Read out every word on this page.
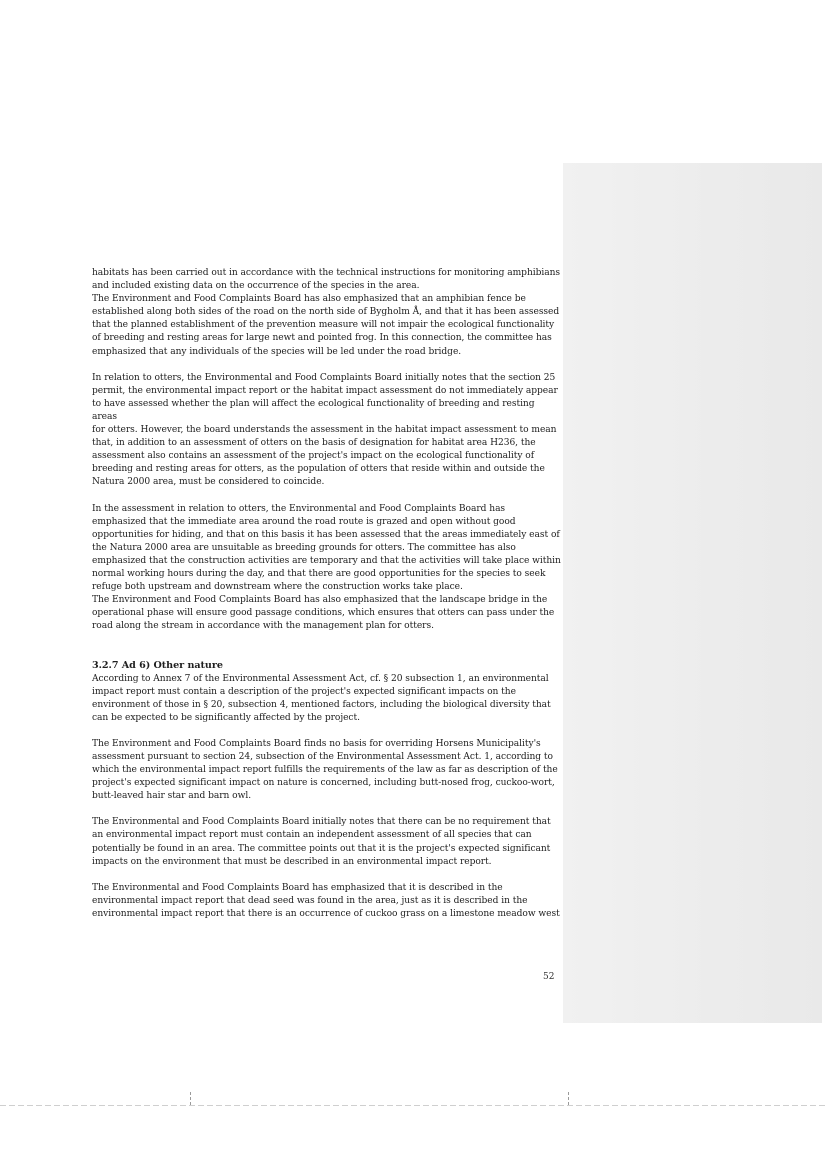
habitats has been carried out in accordance with the technical instructions for monitoring amphibians
and included existing data on the occurrence of the species in the area.

The Environment and Food Complaints Board has also emphasized that an amphibian fence be
established along both sides of the road on the north side of Bygholm Å, and that it has been assessed
that the planned establishment of the prevention measure will not impair the ecological functionality
of breeding and resting areas for large newt and pointed frog. In this connection, the committee has
emphasized that any individuals of the species will be led under the road bridge.

In relation to otters, the Environmental and Food Complaints Board initially notes that the section 25
permit, the environmental impact report or the habitat impact assessment do not immediately appear
to have assessed whether the plan will affect the ecological functionality of breeding and resting areas
for otters. However, the board understands the assessment in the habitat impact assessment to mean
that, in addition to an assessment of otters on the basis of designation for habitat area H236, the
assessment also contains an assessment of the project's impact on the ecological functionality of
breeding and resting areas for otters, as the population of otters that reside within and outside the
Natura 2000 area, must be considered to coincide.

In the assessment in relation to otters, the Environmental and Food Complaints Board has
emphasized that the immediate area around the road route is grazed and open without good
opportunities for hiding, and that on this basis it has been assessed that the areas immediately east of
the Natura 2000 area are unsuitable as breeding grounds for otters. The committee has also
emphasized that the construction activities are temporary and that the activities will take place within
normal working hours during the day, and that there are good opportunities for the species to seek
refuge both upstream and downstream where the construction works take place.

The Environment and Food Complaints Board has also emphasized that the landscape bridge in the
operational phase will ensure good passage conditions, which ensures that otters can pass under the
road along the stream in accordance with the management plan for otters.

3.2.7 Ad 6) Other nature

According to Annex 7 of the Environmental Assessment Act, cf. § 20 subsection 1, an environmental
impact report must contain a description of the project's expected significant impacts on the
environment of those in § 20, subsection 4, mentioned factors, including the biological diversity that
can be expected to be significantly affected by the project.

The Environment and Food Complaints Board finds no basis for overriding Horsens Municipality's
assessment pursuant to section 24, subsection of the Environmental Assessment Act. 1, according to
which the environmental impact report fulfills the requirements of the law as far as description of the
project's expected significant impact on nature is concerned, including butt-nosed frog, cuckoo-wort,
butt-leaved hair star and barn owl.

The Environmental and Food Complaints Board initially notes that there can be no requirement that
an environmental impact report must contain an independent assessment of all species that can
potentially be found in an area. The committee points out that it is the project's expected significant
impacts on the environment that must be described in an environmental impact report.

The Environmental and Food Complaints Board has emphasized that it is described in the
environmental impact report that dead seed was found in the area, just as it is described in the
environmental impact report that there is an occurrence of cuckoo grass on a limestone meadow west

52
